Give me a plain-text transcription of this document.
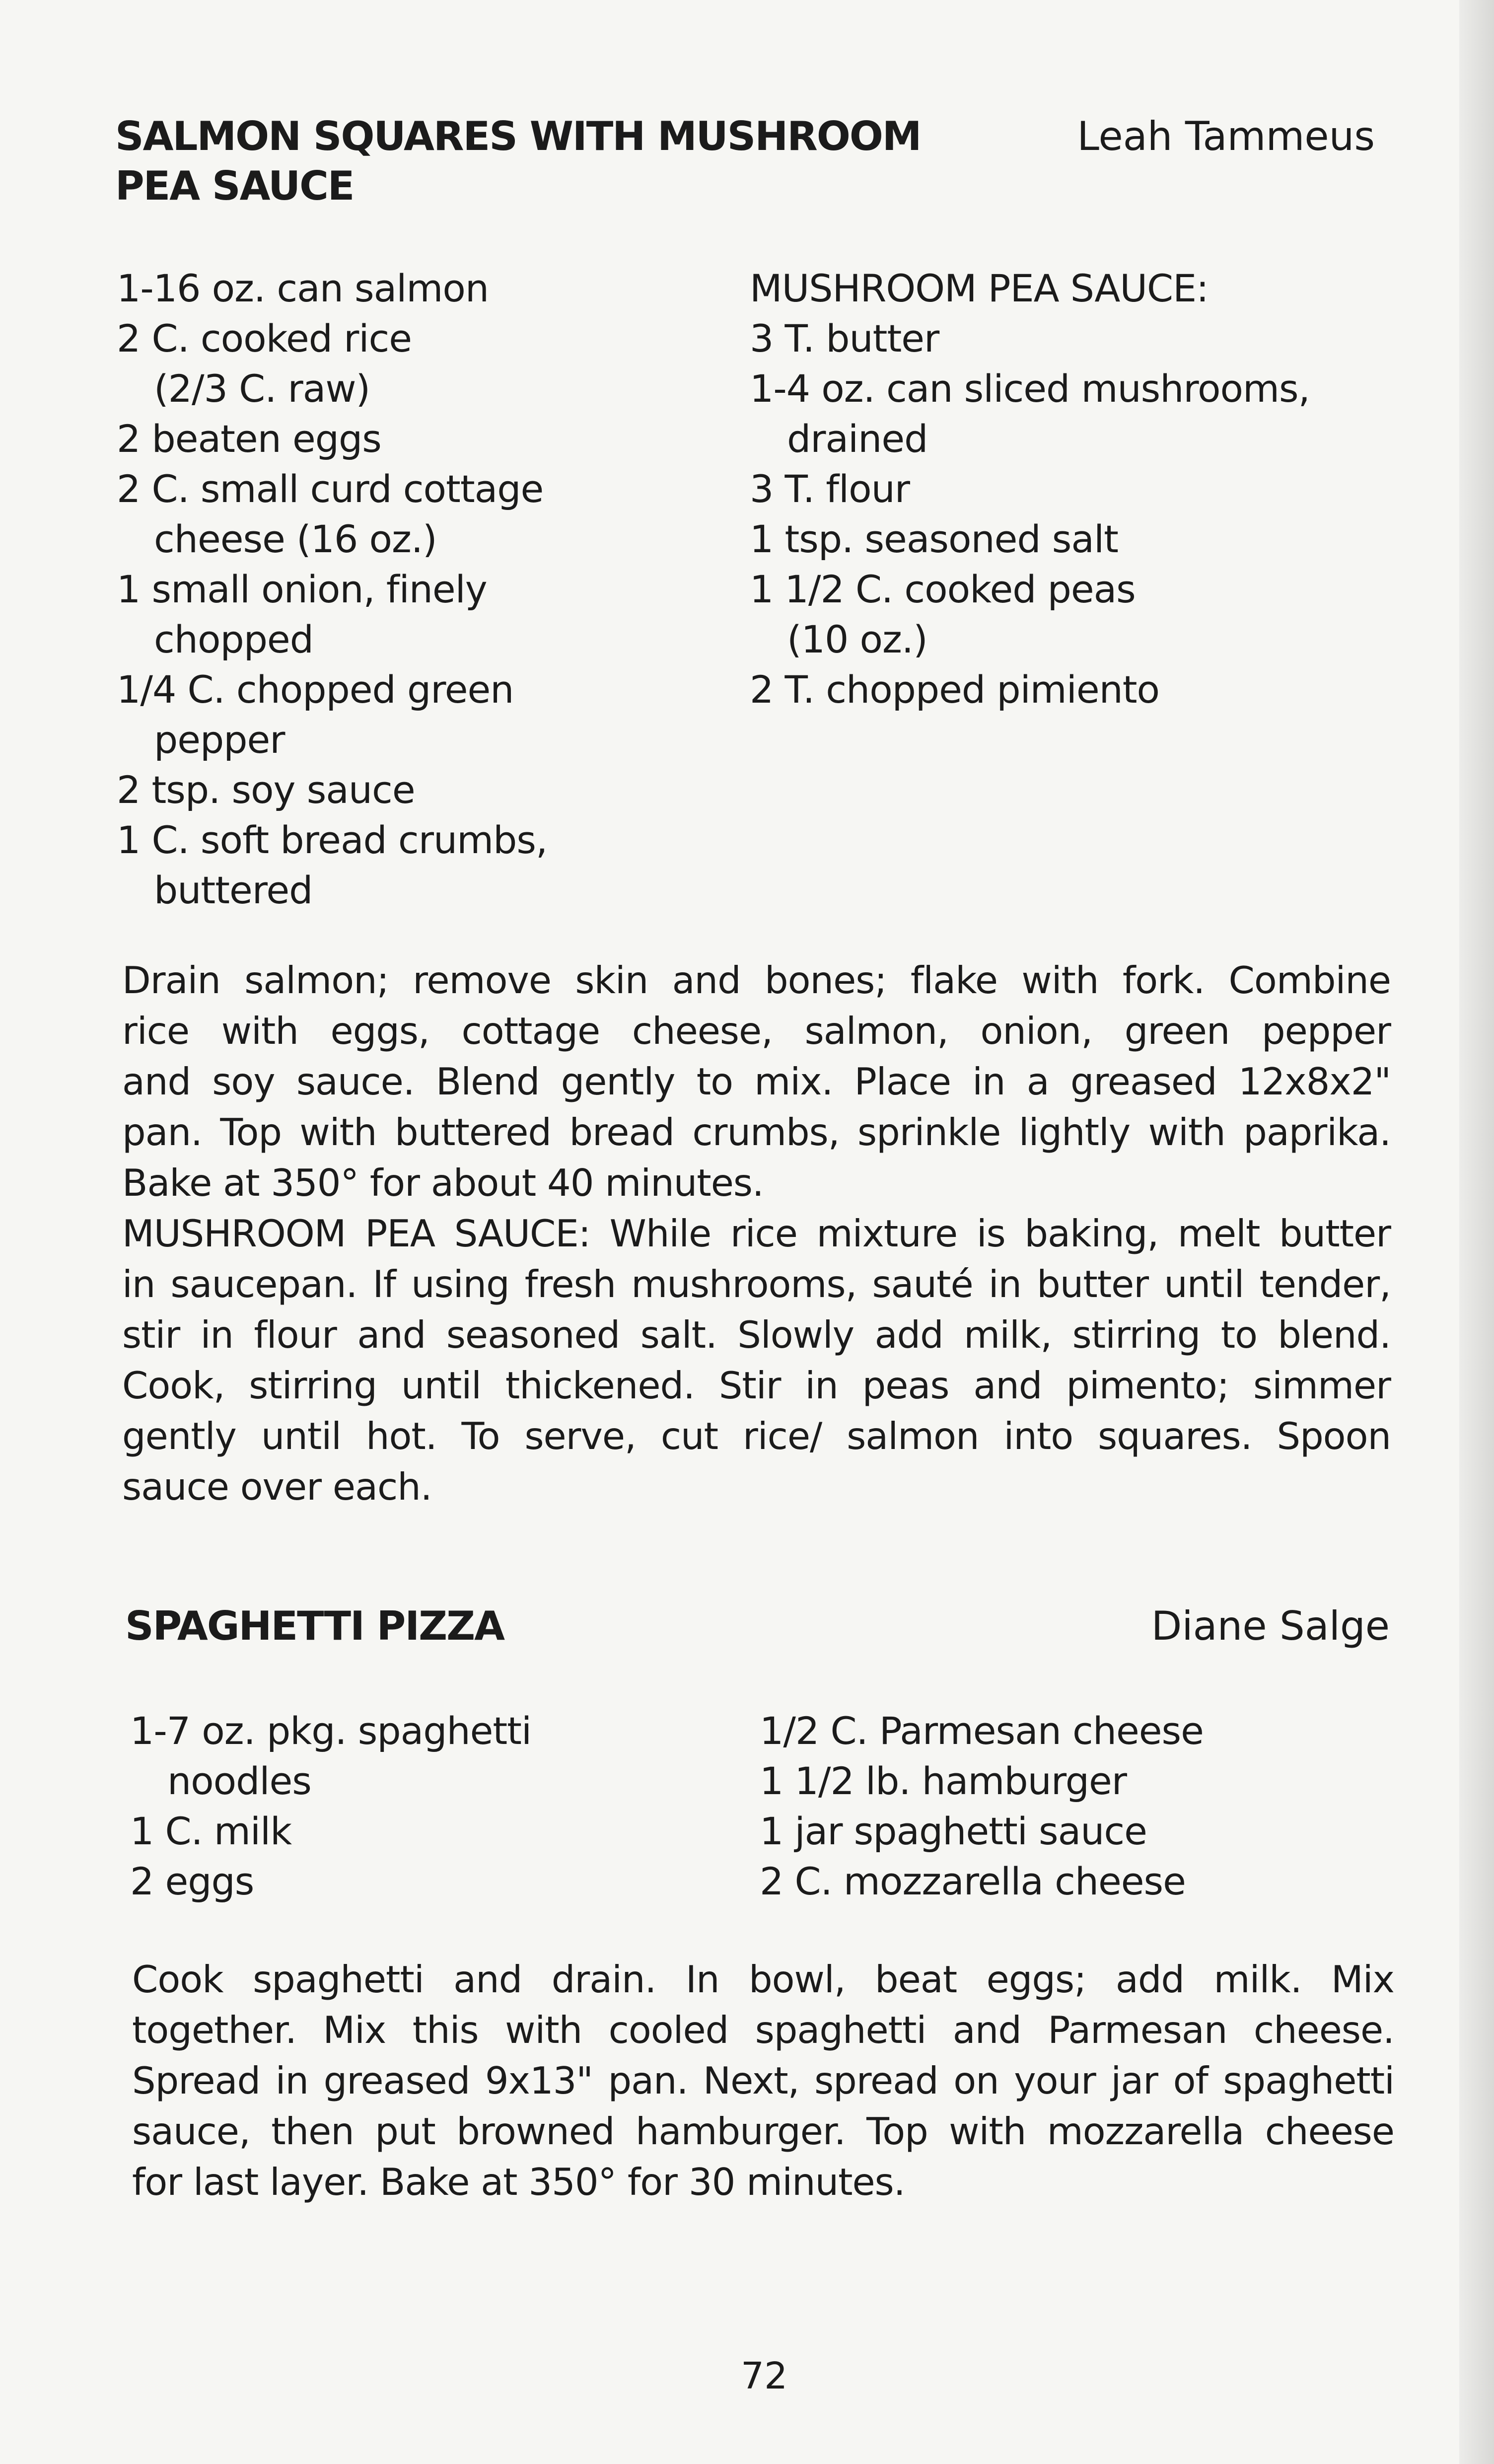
SALMON SQUARES WITH MUSHROOM
PEA SAUCE
Leah Tammeus
1-16 oz. can salmon
2 C. cooked rice
(2/3 C. raw)
2 beaten eggs
2 C. small curd cottage
cheese (16 oz.)
1 small onion, finely
chopped
1/4 C. chopped green
pepper
2 tsp. soy sauce
1 C. soft bread crumbs,
buttered
MUSHROOM PEA SAUCE:
3 T. butter
1-4 oz. can sliced mushrooms,
drained
3 T. flour
1 tsp. seasoned salt
1 1/2 C. cooked peas
(10 oz.)
2 T. chopped pimiento
Drain salmon; remove skin and bones; flake with fork. Combine
rice with eggs, cottage cheese, salmon, onion, green pepper
and soy sauce. Blend gently to mix. Place in a greased 12x8x2"
pan. Top with buttered bread crumbs, sprinkle lightly with paprika.
Bake at 350° for about 40 minutes.
MUSHROOM PEA SAUCE: While rice mixture is baking, melt butter
in saucepan. If using fresh mushrooms, sauté in butter until tender,
stir in flour and seasoned salt. Slowly add milk, stirring to blend.
Cook, stirring until thickened. Stir in peas and pimento; simmer
gently until hot. To serve, cut rice/ salmon into squares. Spoon
sauce over each.
SPAGHETTI PIZZA	Diane Salge
1-7 oz. pkg. spaghetti
noodles
1 C. milk
2 eggs
1/2 C. Parmesan cheese
1 1/2 lb. hamburger
1 jar spaghetti sauce
2 C. mozzarella cheese
Cook spaghetti and drain. In bowl, beat eggs; add milk. Mix
together. Mix this with cooled spaghetti and Parmesan cheese.
Spread in greased 9x13" pan. Next, spread on your jar of spaghetti
sauce, then put browned hamburger. Top with mozzarella cheese
for last layer. Bake at 350° for 30 minutes.
72
